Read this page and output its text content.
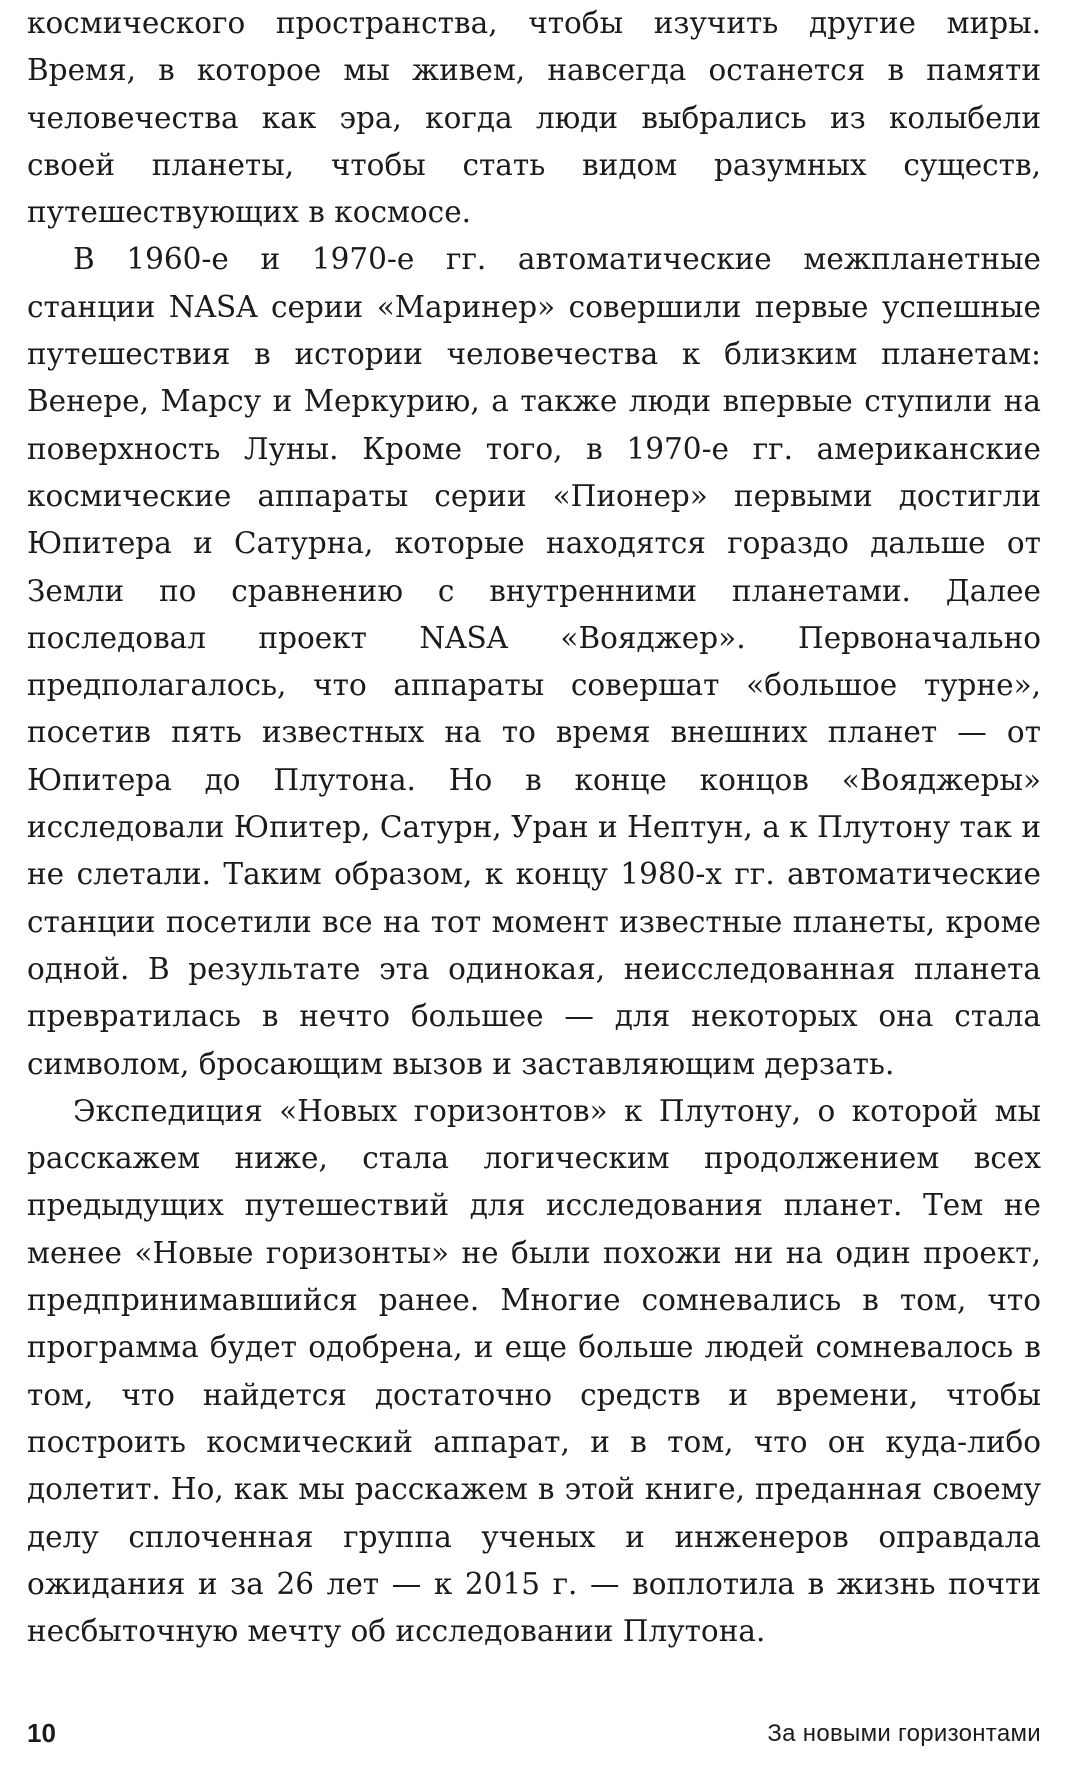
космического пространства, чтобы изучить другие миры. Время, в которое мы живем, навсегда останется в памяти человечества как эра, когда люди выбрались из колыбели своей планеты, чтобы стать видом разумных существ, путешествующих в космосе.

В 1960-е и 1970-е гг. автоматические межпланетные станции NASA серии «Маринер» совершили первые успешные путешествия в истории человечества к близким планетам: Венере, Марсу и Меркурию, а также люди впервые ступили на поверхность Луны. Кроме того, в 1970-е гг. американские космические аппараты серии «Пионер» первыми достигли Юпитера и Сатурна, которые находятся гораздо дальше от Земли по сравнению с внутренними планетами. Далее последовал проект NASA «Вояджер». Первоначально предполагалось, что аппараты совершат «большое турне», посетив пять известных на то время внешних планет — от Юпитера до Плутона. Но в конце концов «Вояджеры» исследовали Юпитер, Сатурн, Уран и Нептун, а к Плутону так и не слетали. Таким образом, к концу 1980-х гг. автоматические станции посетили все на тот момент известные планеты, кроме одной. В результате эта одинокая, неисследованная планета превратилась в нечто большее — для некоторых она стала символом, бросающим вызов и заставляющим дерзать.

Экспедиция «Новых горизонтов» к Плутону, о которой мы расскажем ниже, стала логическим продолжением всех предыдущих путешествий для исследования планет. Тем не менее «Новые горизонты» не были похожи ни на один проект, предпринимавшийся ранее. Многие сомневались в том, что программа будет одобрена, и еще больше людей сомневалось в том, что найдется достаточно средств и времени, чтобы построить космический аппарат, и в том, что он куда-либо долетит. Но, как мы расскажем в этой книге, преданная своему делу сплоченная группа ученых и инженеров оправдала ожидания и за 26 лет — к 2015 г. — воплотила в жизнь почти несбыточную мечту об исследовании Плутона.

10	За новыми горизонтами
